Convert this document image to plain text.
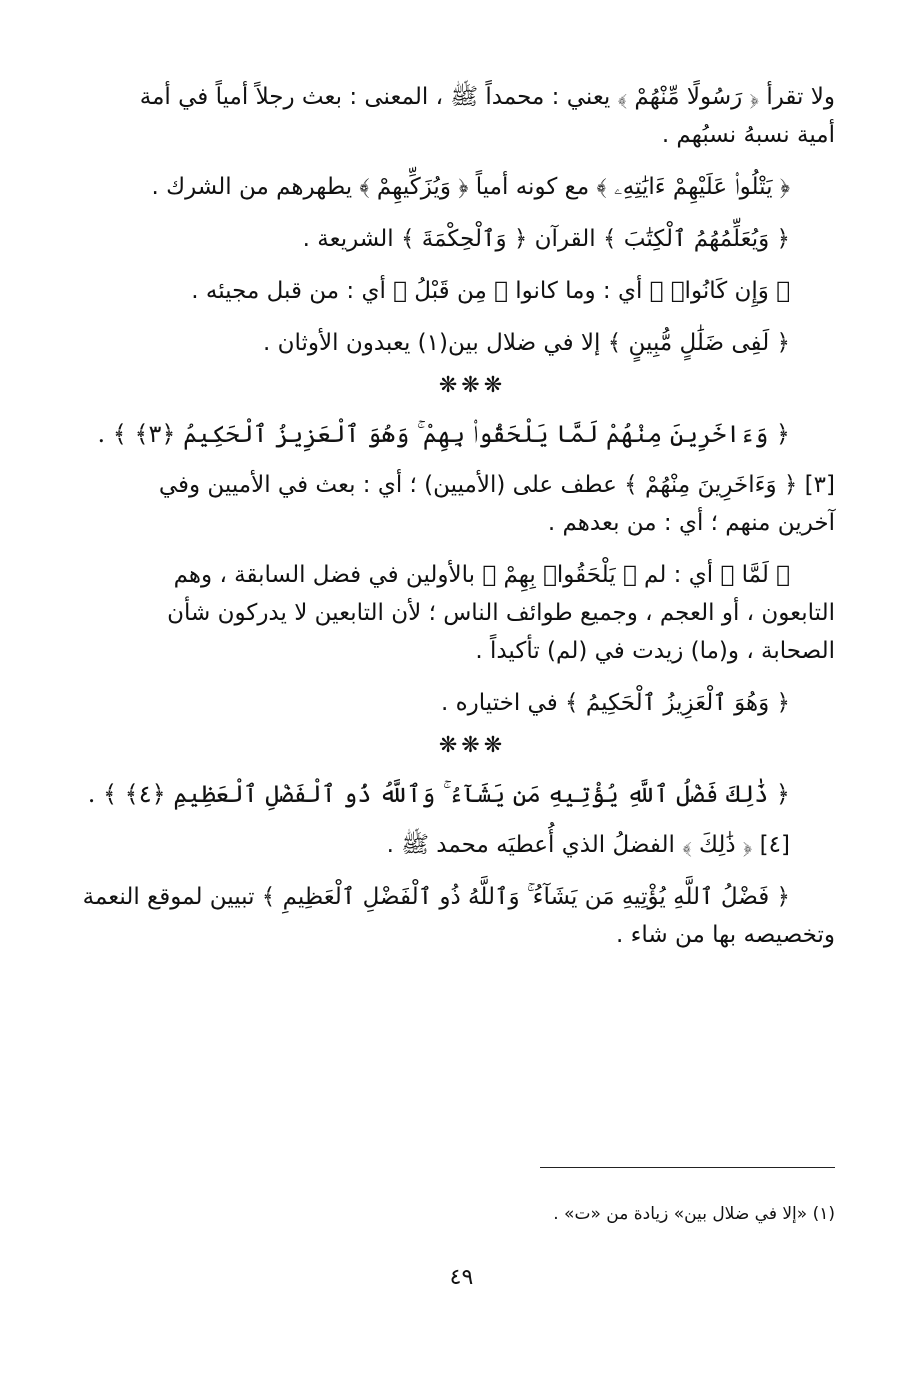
ولا تقرأ ﴿ رَسُولًا مِّنْهُمْ ﴾ يعني : محمداً ﷺ ، المعنى : بعث رجلاً أمياً في أمة

أمية نسبهُ نسبُهم .

﴿ يَتْلُوا۟ عَلَيْهِمْ ءَايَٰتِهِۦ ﴾ مع كونه أمياً ﴿ وَيُزَكِّيهِمْ ﴾ يطهرهم من الشرك .

﴿ وَيُعَلِّمُهُمُ ٱلْكِتَٰبَ ﴾ القرآن ﴿ وَٱلْحِكْمَةَ ﴾ الشريعة .

﴿ وَإِن كَانُوا۟ ﴾ أي : وما كانوا ﴿ مِن قَبْلُ ﴾ أي : من قبل مجيئه .

﴿ لَفِى ضَلَٰلٍ مُّبِينٍ ﴾ إلا في ضلال بين(١) يعبدون الأوثان .

❋❋❋

﴿ وَءَاخَرِينَ مِنْهُمْ لَمَّا يَلْحَقُوا۟ بِهِمْ ۚ وَهُوَ ٱلْعَزِيزُ ٱلْحَكِيمُ ﴿٣﴾ ﴾ .

[٣] ﴿ وَءَاخَرِينَ مِنْهُمْ ﴾ عطف على (الأميين) ؛ أي : بعث في الأميين وفي

آخرين منهم ؛ أي : من بعدهم .

﴿ لَمَّا ﴾ أي : لم ﴿ يَلْحَقُوا۟ بِهِمْ ﴾ بالأولين في فضل السابقة ، وهم

التابعون ، أو العجم ، وجميع طوائف الناس ؛ لأن التابعين لا يدركون شأن

الصحابة ، و(ما) زيدت في (لم) تأكيداً .

﴿ وَهُوَ ٱلْعَزِيزُ ٱلْحَكِيمُ ﴾ في اختياره .

❋❋❋

﴿ ذَٰلِكَ فَضْلُ ٱللَّهِ يُؤْتِيهِ مَن يَشَآءُ ۚ وَٱللَّهُ ذُو ٱلْفَضْلِ ٱلْعَظِيمِ ﴿٤﴾ ﴾ .

[٤] ﴿ ذَٰلِكَ ﴾ الفضلُ الذي أُعطيَه محمد ﷺ .

﴿ فَضْلُ ٱللَّهِ يُؤْتِيهِ مَن يَشَآءُ ۚ وَٱللَّهُ ذُو ٱلْفَضْلِ ٱلْعَظِيمِ ﴾ تبيين لموقع النعمة

وتخصيصه بها من شاء .

(١) «إلا في ضلال بين» زيادة من «ت» .
٤٩
